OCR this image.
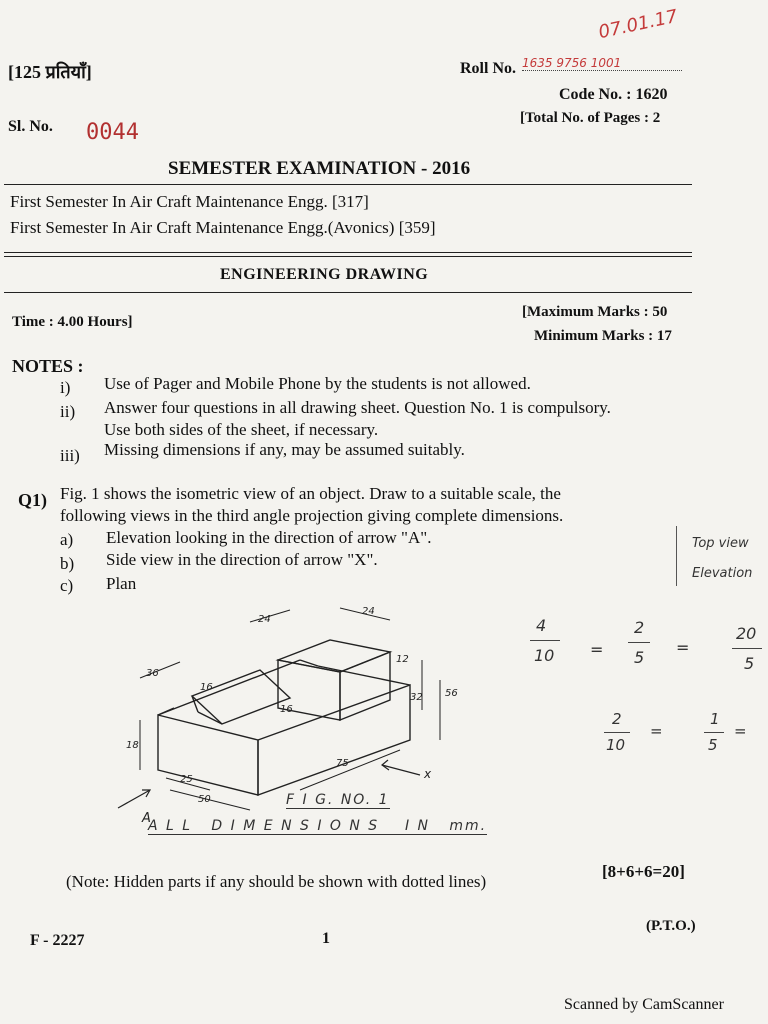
[125 प्रतियाँ]	Roll No. 1635 9756 1001
07.01.17
Code No. : 1620
[Total No. of Pages : 2
Sl. No. 0044
SEMESTER EXAMINATION - 2016
First Semester In Air Craft Maintenance Engg. [317]
First Semester In Air Craft Maintenance Engg.(Avonics) [359]
ENGINEERING DRAWING
Time : 4.00 Hours]
[Maximum Marks : 50
Minimum Marks : 17
NOTES :
i) Use of Pager and Mobile Phone by the students is not allowed.
ii) Answer four questions in all drawing sheet. Question No. 1 is compulsory.
Use both sides of the sheet, if necessary.
iii) Missing dimensions if any, may be assumed suitably.
Q1) Fig. 1 shows the isometric view of an object. Draw to a suitable scale, the
following views in the third angle projection giving complete dimensions.
a) Elevation looking in the direction of arrow "A".
b) Side view in the direction of arrow "X".
c) Plan
Top view
Elevation
4
10 =
2
5
=
20
5
2
10
=
1
5
=
24
24
36
16
12
32 56
18
25
50
75
16
A
x
F I G. NO. 1
A L L   D I M E N S I O N S    I N   mm.
(Note: Hidden parts if any should be shown with dotted lines)
[8+6+6=20]
(P.T.O.)
F - 2227	1
Scanned by CamScanner
